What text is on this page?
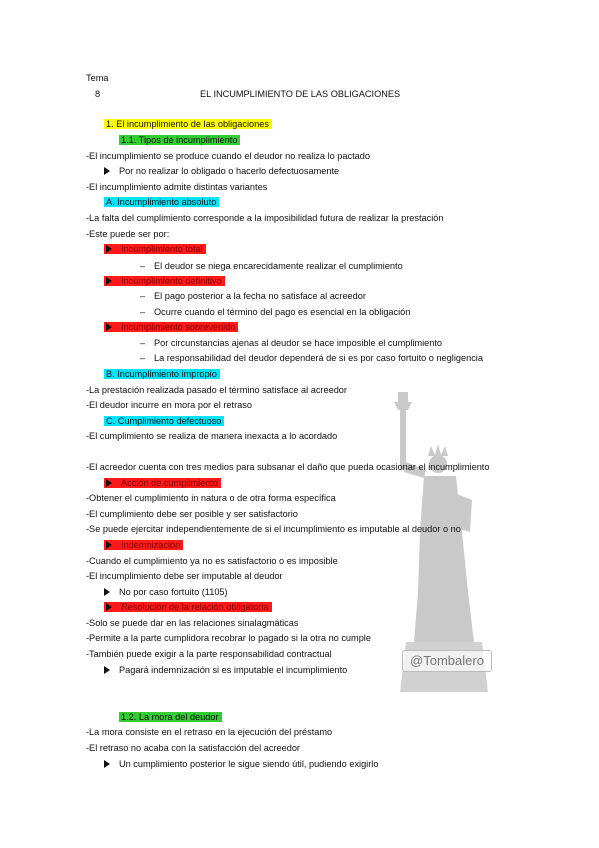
@Tombalero
Tema
8	EL INCUMPLIMIENTO DE LAS OBLIGACIONES
1. El incumplimiento de las obligaciones
1.1. Tipos de incumplimiento
-El incumplimiento se produce cuando el deudor no realiza lo pactado
Por no realizar lo obligado o hacerlo defectuosamente
-El incumplimiento admite distintas variantes
A. Incumplimiento absoluto
-La falta del cumplimiento corresponde a la imposibilidad futura de realizar la prestación
-Este puede ser por:
Incumplimiento total
– El deudor se niega encarecidamente realizar el cumplimiento
Incumplimiento definitivo
– El pago posterior a la fecha no satisface al acreedor
– Ocurre cuando el término del pago es esencial en la obligación
Incumplimiento sobrevenido
– Por circunstancias ajenas al deudor se hace imposible el cumplimiento
– La responsabilidad del deudor dependerá de si es por caso fortuito o negligencia
B. Incumplimiento impropio
-La prestación realizada pasado el término satisface al acreedor
-El deudor incurre en mora por el retraso
C. Cumplimiento defectuoso
-El cumplimiento se realiza de manera inexacta a lo acordado
-El acreedor cuenta con tres medios para subsanar el daño que pueda ocasionar el incumplimiento
Acción de cumplimiento
-Obtener el cumplimiento in natura o de otra forma específica
-El cumplimiento debe ser posible y ser satisfactorio
-Se puede ejercitar independientemente de si el incumplimiento es imputable al deudor o no
Indemnización
-Cuando el cumplimiento ya no es satisfactorio o es imposible
-El incumplimiento debe ser imputable al deudor
No por caso fortuito (1105)
Resolución de la relación obligatoria
-Solo se puede dar en las relaciones sinalagmáticas
-Permite a la parte cumplidora recobrar lo pagado si la otra no cumple
-También puede exigir a la parte responsabilidad contractual
Pagará indemnización si es imputable el incumplimiento
1.2. La mora del deudor
-La mora consiste en el retraso en la ejecución del préstamo
-El retraso no acaba con la satisfacción del acreedor
Un cumplimiento posterior le sigue siendo útil, pudiendo exigirlo
